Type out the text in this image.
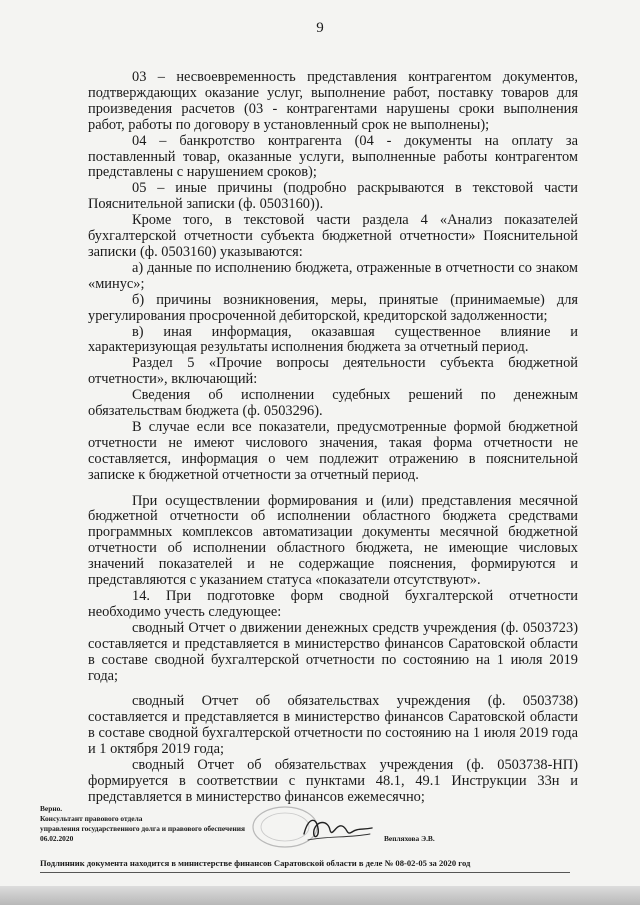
9

03 – несвоевременность представления контрагентом документов, подтверждающих оказание услуг, выполнение работ, поставку товаров для произведения расчетов (03 - контрагентами нарушены сроки выполнения работ, работы по договору в установленный срок не выполнены);

04 – банкротство контрагента (04 - документы на оплату за поставленный товар, оказанные услуги, выполненные работы контрагентом представлены с нарушением сроков);

05 – иные причины (подробно раскрываются в текстовой части Пояснительной записки (ф. 0503160)).

Кроме того, в текстовой части раздела 4 «Анализ показателей бухгалтерской отчетности субъекта бюджетной отчетности» Пояснительной записки (ф. 0503160) указываются:

а) данные по исполнению бюджета, отраженные в отчетности со знаком «минус»;

б) причины возникновения, меры, принятые (принимаемые) для урегулирования просроченной дебиторской, кредиторской задолженности;

в) иная информация, оказавшая существенное влияние и характеризующая результаты исполнения бюджета за отчетный период.

Раздел 5 «Прочие вопросы деятельности субъекта бюджетной отчетности», включающий:

Сведения об исполнении судебных решений по денежным обязательствам бюджета (ф. 0503296).

В случае если все показатели, предусмотренные формой бюджетной отчетности не имеют числового значения, такая форма отчетности не составляется, информация о чем подлежит отражению в пояснительной записке к бюджетной отчетности за отчетный период.

При осуществлении формирования и (или) представления месячной бюджетной отчетности об исполнении областного бюджета средствами программных комплексов автоматизации документы месячной бюджетной отчетности об исполнении областного бюджета, не имеющие числовых значений показателей и не содержащие пояснения, формируются и представляются с указанием статуса «показатели отсутствуют».

14. При подготовке форм сводной бухгалтерской отчетности необходимо учесть следующее:

сводный Отчет о движении денежных средств учреждения (ф. 0503723) составляется и представляется в министерство финансов Саратовской области в составе сводной бухгалтерской отчетности по состоянию на 1 июля 2019 года;

сводный Отчет об обязательствах учреждения (ф. 0503738) составляется и представляется в министерство финансов Саратовской области в составе сводной бухгалтерской отчетности по состоянию на 1 июля 2019 года и 1 октября 2019 года;

сводный Отчет об обязательствах учреждения (ф. 0503738-НП) формируется в соответствии с пунктами 48.1, 49.1 Инструкции 33н и представляется в министерство финансов ежемесячно;

Верно.
Консультант правового отдела
управления государственного долга и правового обеспечения
06.02.2020	Вепляхова Э.В.
Подлинник документа находится в министерстве финансов Саратовской области в деле № 08-02-05 за 2020 год
